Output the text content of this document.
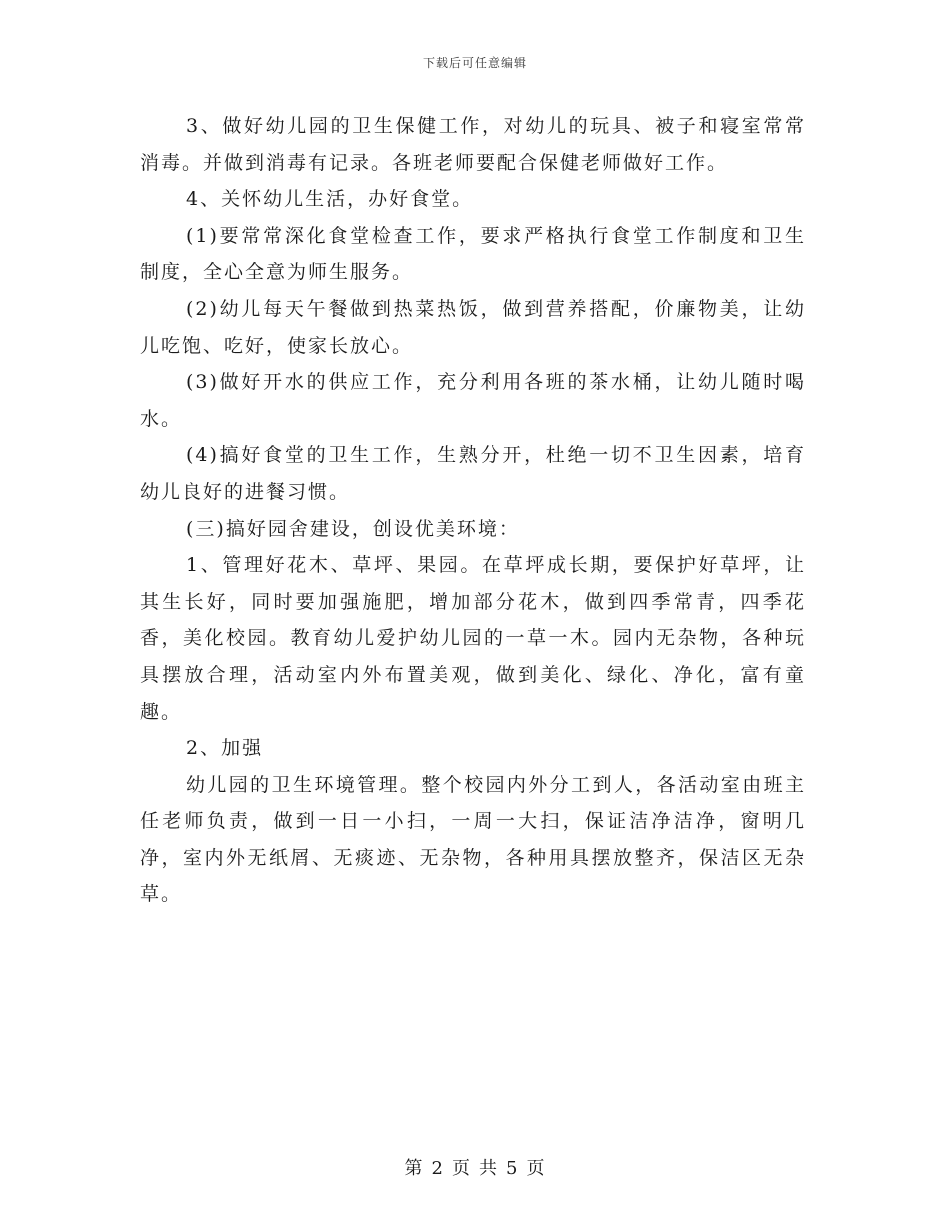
下载后可任意编辑

3、做好幼儿园的卫生保健工作，对幼儿的玩具、被子和寝室常常消毒。并做到消毒有记录。各班老师要配合保健老师做好工作。

4、关怀幼儿生活，办好食堂。

(1)要常常深化食堂检查工作，要求严格执行食堂工作制度和卫生制度，全心全意为师生服务。

(2)幼儿每天午餐做到热菜热饭，做到营养搭配，价廉物美，让幼儿吃饱、吃好，使家长放心。

(3)做好开水的供应工作，充分利用各班的茶水桶，让幼儿随时喝水。

(4)搞好食堂的卫生工作，生熟分开，杜绝一切不卫生因素，培育幼儿良好的进餐习惯。

(三)搞好园舍建设，创设优美环境：

1、管理好花木、草坪、果园。在草坪成长期，要保护好草坪，让其生长好，同时要加强施肥，增加部分花木，做到四季常青，四季花香，美化校园。教育幼儿爱护幼儿园的一草一木。园内无杂物，各种玩具摆放合理，活动室内外布置美观，做到美化、绿化、净化，富有童趣。

2、加强

幼儿园的卫生环境管理。整个校园内外分工到人，各活动室由班主任老师负责，做到一日一小扫，一周一大扫，保证洁净洁净，窗明几净，室内外无纸屑、无痰迹、无杂物，各种用具摆放整齐，保洁区无杂草。

第 2 页 共 5 页
